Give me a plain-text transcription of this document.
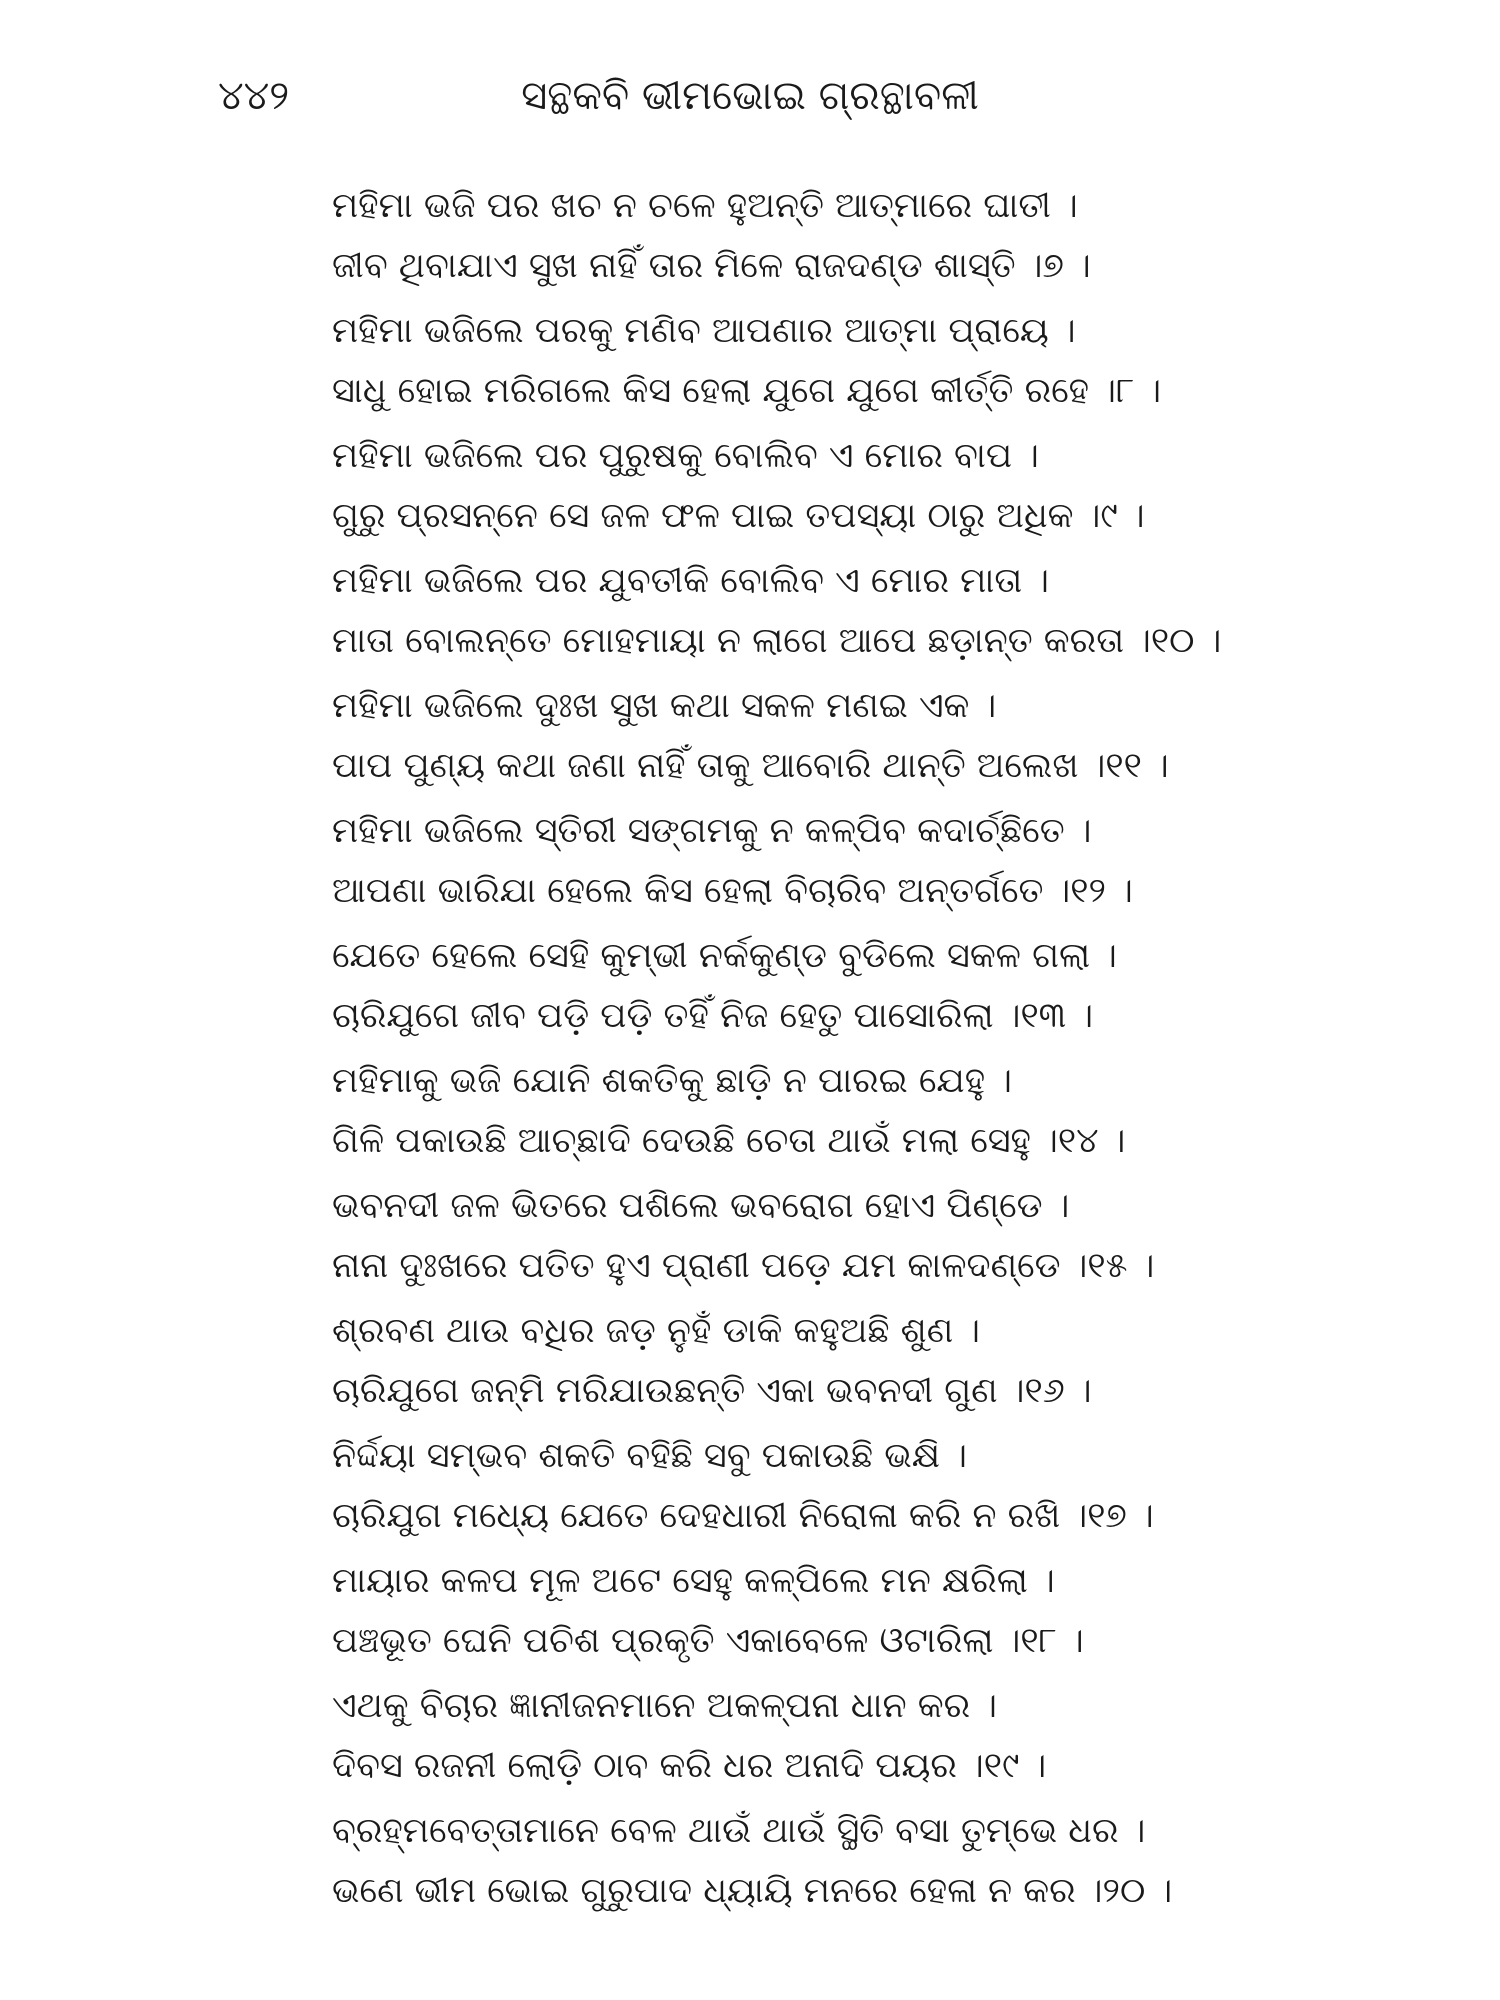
୪୪୨	ସନ୍ଥକବି ଭୀମଭୋଇ ଗ୍ରନ୍ଥାବଳୀ
ମହିମା ଭଜି ପର ଖଚ ନ ଚଳେ ହୁଅନ୍ତି ଆତ୍ମାରେ ଘାତୀ ।
ଜୀବ ଥିବାଯାଏ ସୁଖ ନାହିଁ ତାର ମିଳେ ରାଜଦଣ୍ଡ ଶାସ୍ତି ।୭ ।
ମହିମା ଭଜିଲେ ପରକୁ ମଣିବ ଆପଣାର ଆତ୍ମା ପ୍ରାୟେ ।
ସାଧୁ ହୋଇ ମରିଗଲେ କିସ ହେଲା ଯୁଗେ ଯୁଗେ କୀର୍ତ୍ତି ରହେ ।୮ ।
ମହିମା ଭଜିଲେ ପର ପୁରୁଷକୁ ବୋଲିବ ଏ ମୋର ବାପ ।
ଗୁରୁ ପ୍ରସନ୍ନେ ସେ ଜଳ ଫଳ ପାଇ ତପସ୍ୟା ଠାରୁ ଅଧିକ ।୯ ।
ମହିମା ଭଜିଲେ ପର ଯୁବତୀକି ବୋଲିବ ଏ ମୋର ମାତା ।
ମାତା ବୋଲନ୍ତେ ମୋହମାୟା ନ ଲାଗେ ଆପେ ଛଡ଼ାନ୍ତ କରତା ।୧୦ ।
ମହିମା ଭଜିଲେ ଦୁଃଖ ସୁଖ କଥା ସକଳ ମଣଇ ଏକ ।
ପାପ ପୁଣ୍ୟ କଥା ଜଣା ନାହିଁ ତାକୁ ଆବୋରି ଥାନ୍ତି ଅଲେଖ ।୧୧ ।
ମହିମା ଭଜିଲେ ସ୍ତିରୀ ସଙ୍ଗମକୁ ନ କଳ୍ପିବ କଦାର୍ଚ୍ଛିତେ ।
ଆପଣା ଭାରିଯା ହେଲେ କିସ ହେଲା ବିଚାରିବ ଅନ୍ତର୍ଗତେ ।୧୨ ।
ଯେତେ ହେଲେ ସେହି କୁମ୍ଭୀ ନର୍କକୁଣ୍ଡ ବୁଡିଲେ ସକଳ ଗଲା ।
ଚାରିଯୁଗେ ଜୀବ ପଡ଼ି ପଡ଼ି ତହିଁ ନିଜ ହେତୁ ପାସୋରିଲା ।୧୩ ।
ମହିମାକୁ ଭଜି ଯୋନି ଶକତିକୁ ଛାଡ଼ି ନ ପାରଇ ଯେହୁ ।
ଗିଳି ପକାଉଛି ଆଚ୍ଛାଦି ଦେଉଛି ଚେତା ଥାଉଁ ମଲା ସେହୁ ।୧୪ ।
ଭବନଦୀ ଜଳ ଭିତରେ ପଶିଲେ ଭବରୋଗ ହୋଏ ପିଣ୍ଡେ ।
ନାନା ଦୁଃଖରେ ପତିତ ହୁଏ ପ୍ରାଣୀ ପଡ଼େ ଯମ କାଳଦଣ୍ଡେ ।୧୫ ।
ଶ୍ରବଣ ଥାଉ ବଧିର ଜଡ଼ ନୁହଁ ଡାକି କହୁଅଛି ଶୁଣ ।
ଚାରିଯୁଗେ ଜନ୍ମି ମରିଯାଉଛନ୍ତି ଏକା ଭବନଦୀ ଗୁଣ ।୧୬ ।
ନିର୍ଦ୍ଦୟା ସମ୍ଭବ ଶକତି ବହିଛି ସବୁ ପକାଉଛି ଭକ୍ଷି ।
ଚାରିଯୁଗ ମଧ୍ୟେ ଯେତେ ଦେହଧାରୀ ନିରୋଳା କରି ନ ରଖି ।୧୭ ।
ମାୟାର କଳପ ମୂଳ ଅଟେ ସେହୁ କଳ୍ପିଲେ ମନ କ୍ଷରିଲା ।
ପଞ୍ଚଭୂତ ଘେନି ପଚିଶ ପ୍ରକୃତି ଏକାବେଳେ ଓଟାରିଲା ।୧୮ ।
ଏଥକୁ ବିଚାର ଜ୍ଞାନୀଜନମାନେ ଅକଳ୍ପନା ଧାନ କର ।
ଦିବସ ରଜନୀ ଲୋଡ଼ି ଠାବ କରି ଧର ଅନାଦି ପୟର ।୧୯ ।
ବ୍ରହ୍ମବେତ୍ତାମାନେ ବେଳ ଥାଉଁ ଥାଉଁ ସ୍ଥିତି ବସା ତୁମ୍ଭେ ଧର ।
ଭଣେ ଭୀମ ଭୋଇ ଗୁରୁପାଦ ଧ୍ୟାୟି ମନରେ ହେଳା ନ କର ।୨୦ ।
